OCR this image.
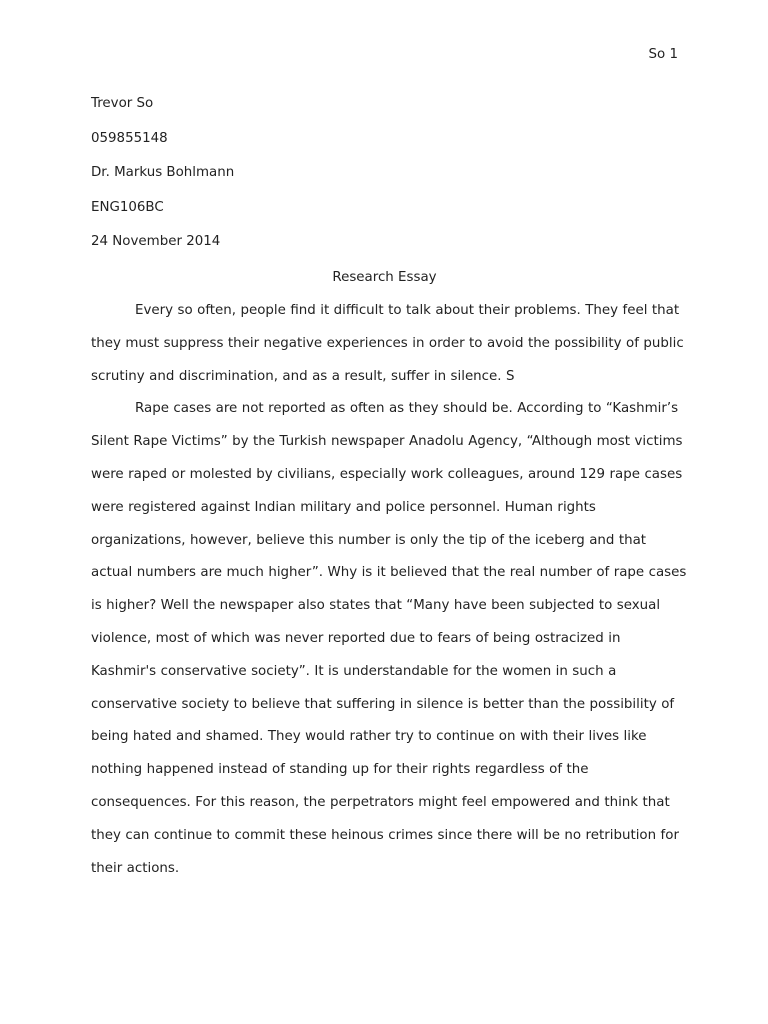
So 1
Trevor So
059855148
Dr. Markus Bohlmann
ENG106BC
24 November 2014
Research Essay
Every so often, people find it difficult to talk about their problems. They feel that
they must suppress their negative experiences in order to avoid the possibility of public
scrutiny and discrimination, and as a result, suffer in silence. S
Rape cases are not reported as often as they should be. According to “Kashmir’s
Silent Rape Victims” by the Turkish newspaper Anadolu Agency, “Although most victims
were raped or molested by civilians, especially work colleagues, around 129 rape cases
were registered against Indian military and police personnel. Human rights
organizations, however, believe this number is only the tip of the iceberg and that
actual numbers are much higher”. Why is it believed that the real number of rape cases
is higher? Well the newspaper also states that “Many have been subjected to sexual
violence, most of which was never reported due to fears of being ostracized in
Kashmir's conservative society”. It is understandable for the women in such a
conservative society to believe that suffering in silence is better than the possibility of
being hated and shamed. They would rather try to continue on with their lives like
nothing happened instead of standing up for their rights regardless of the
consequences. For this reason, the perpetrators might feel empowered and think that
they can continue to commit these heinous crimes since there will be no retribution for
their actions.
